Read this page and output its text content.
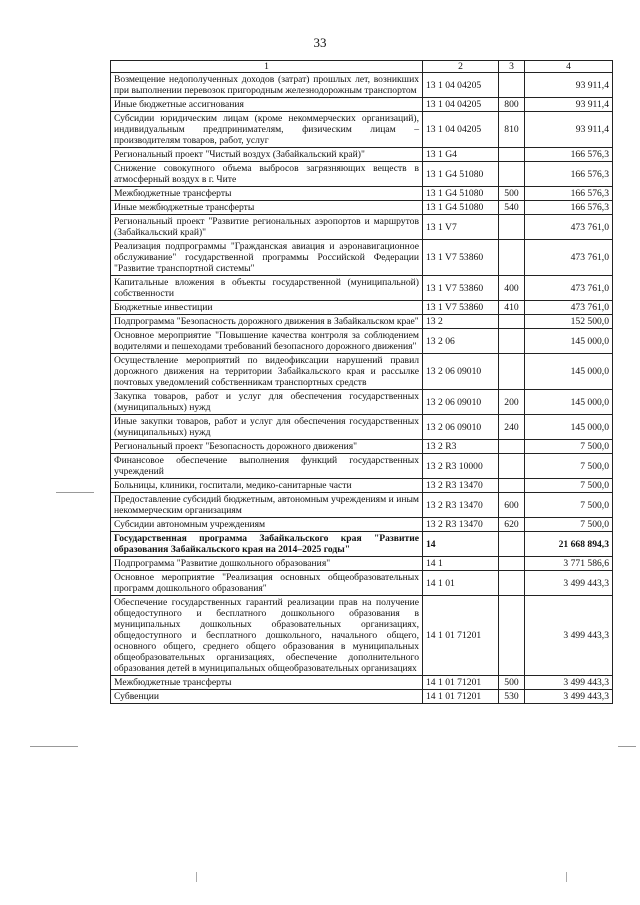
33
1	2	3	4
Возмещение недополученных доходов (затрат) прошлых лет, возникших при выполнении перевозок пригородным железнодорожным транспортом	13 1 04 04205		93 911,4
Иные бюджетные ассигнования	13 1 04 04205	800	93 911,4
Субсидии юридическим лицам (кроме некоммерческих организаций), индивидуальным предпринимателям, физическим лицам – производителям товаров, работ, услуг	13 1 04 04205	810	93 911,4
Региональный проект "Чистый воздух (Забайкальский край)"	13 1 G4		166 576,3
Снижение совокупного объема выбросов загрязняющих веществ в атмосферный воздух в г. Чите	13 1 G4 51080		166 576,3
Межбюджетные трансферты	13 1 G4 51080	500	166 576,3
Иные межбюджетные трансферты	13 1 G4 51080	540	166 576,3
Региональный проект "Развитие региональных аэропортов и маршрутов (Забайкальский край)"	13 1 V7		473 761,0
Реализация подпрограммы "Гражданская авиация и аэронавигационное обслуживание" государственной программы Российской Федерации "Развитие транспортной системы"	13 1 V7 53860		473 761,0
Капитальные вложения в объекты государственной (муниципальной) собственности	13 1 V7 53860	400	473 761,0
Бюджетные инвестиции	13 1 V7 53860	410	473 761,0
Подпрограмма "Безопасность дорожного движения в Забайкальском крае"	13 2		152 500,0
Основное мероприятие "Повышение качества контроля за соблюдением водителями и пешеходами требований безопасного дорожного движения"	13 2 06		145 000,0
Осуществление мероприятий по видеофиксации нарушений правил дорожного движения на территории Забайкальского края и рассылке почтовых уведомлений собственникам транспортных средств	13 2 06 09010		145 000,0
Закупка товаров, работ и услуг для обеспечения государственных (муниципальных) нужд	13 2 06 09010	200	145 000,0
Иные закупки товаров, работ и услуг для обеспечения государственных (муниципальных) нужд	13 2 06 09010	240	145 000,0
Региональный проект "Безопасность дорожного движения"	13 2 R3		7 500,0
Финансовое обеспечение выполнения функций государственных учреждений	13 2 R3 10000		7 500,0
Больницы, клиники, госпитали, медико-санитарные части	13 2 R3 13470		7 500,0
Предоставление субсидий бюджетным, автономным учреждениям и иным некоммерческим организациям	13 2 R3 13470	600	7 500,0
Субсидии автономным учреждениям	13 2 R3 13470	620	7 500,0
Государственная программа Забайкальского края "Развитие образования Забайкальского края на 2014–2025 годы"	14		21 668 894,3
Подпрограмма "Развитие дошкольного образования"	14 1		3 771 586,6
Основное мероприятие "Реализация основных общеобразовательных программ дошкольного образования"	14 1 01		3 499 443,3
Обеспечение государственных гарантий реализации прав на получение общедоступного и бесплатного дошкольного образования в муниципальных дошкольных образовательных организациях, общедоступного и бесплатного дошкольного, начального общего, основного общего, среднего общего образования в муниципальных общеобразовательных организациях, обеспечение дополнительного образования детей в муниципальных общеобразовательных организациях	14 1 01 71201		3 499 443,3
Межбюджетные трансферты	14 1 01 71201	500	3 499 443,3
Субвенции	14 1 01 71201	530	3 499 443,3
